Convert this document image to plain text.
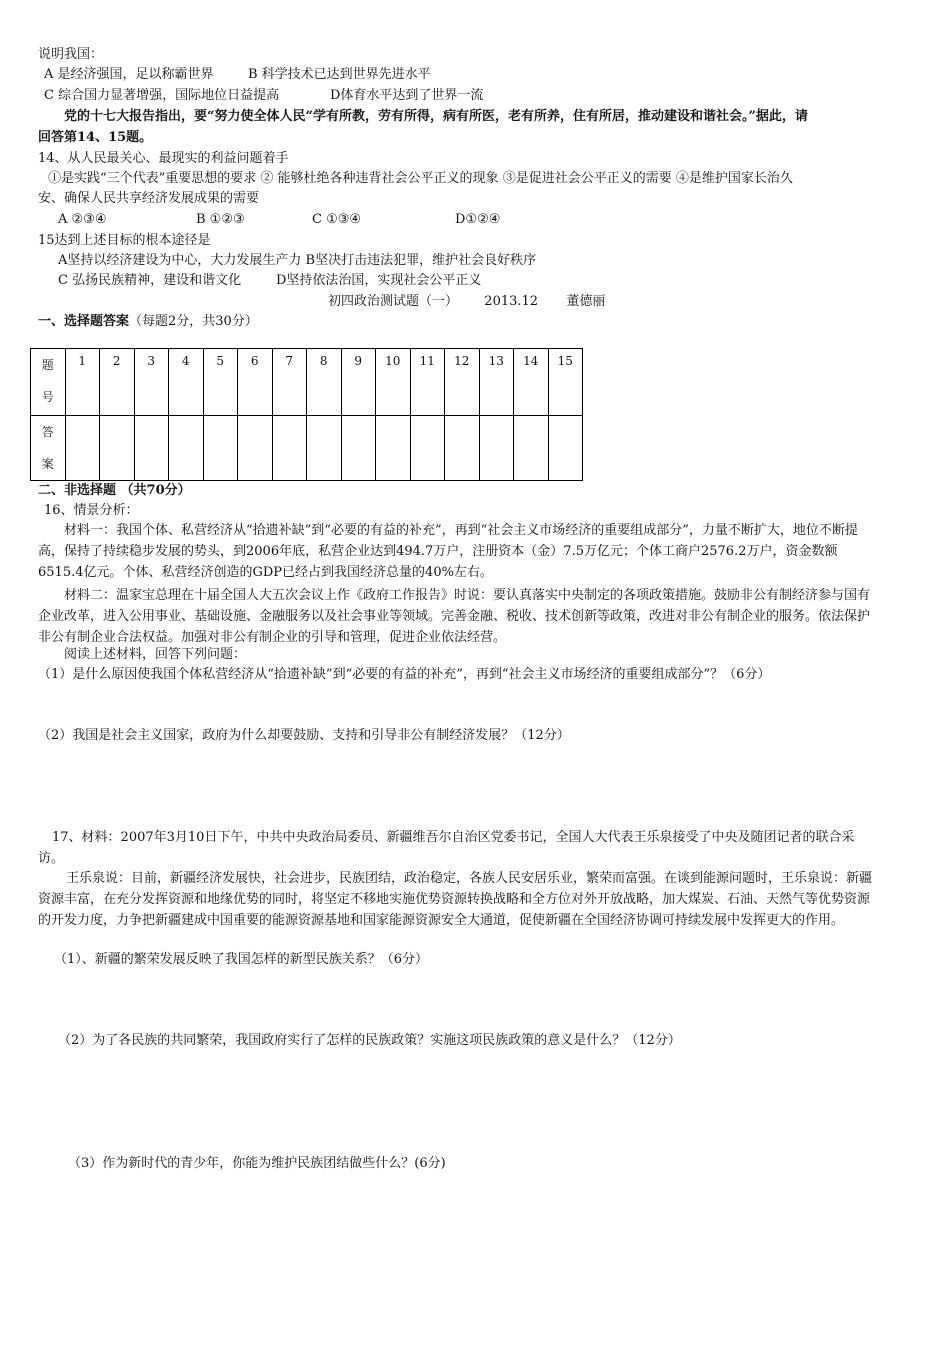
说明我国：
A 是经济强国，足以称霸世界	B 科学技术已达到世界先进水平
C 综合国力显著增强，国际地位日益提高	D体育水平达到了世界一流
党的十七大报告指出，要“努力使全体人民“学有所教，劳有所得，病有所医，老有所养，住有所居，推动建设和谐社会。”据此，请
回答第14、15题。
14、从人民最关心、最现实的利益问题着手
①是实践“三个代表”重要思想的要求 ② 能够杜绝各种违背社会公平正义的现象 ③是促进社会公平正义的需要 ④是维护国家长治久
安、确保人民共享经济发展成果的需要
A ②③④	B ①②③	C ①③④	D①②④
15达到上述目标的根本途径是
A坚持以经济建设为中心，大力发展生产力 B坚决打击违法犯罪，维护社会良好秩序
C 弘扬民族精神，建设和谐文化	D坚持依法治国，实现社会公平正义
初四政治测试题（一） 2013.12 董德丽
一、选择题答案（每题2分，共30分）
题
号	1	2	3	4	5	6	7	8	9	10	11	12	13	14	15

答
案															

二、非选择题 （共70分）
16、情景分析：

材料一：我国个体、私营经济从“拾遗补缺”到“必要的有益的补充”，再到“社会主义市场经济的重要组成部分”，力量不断扩大，地位不断提高，保持了持续稳步发展的势头，到2006年底，私营企业达到494.7万户，注册资本（金）7.5万亿元；个体工商户2576.2万户，资金数额6515.4亿元。个体、私营经济创造的GDP已经占到我国经济总量的40%左右。

材料二：温家宝总理在十届全国人大五次会议上作《政府工作报告》时说：要认真落实中央制定的各项政策措施。鼓励非公有制经济参与国有企业改革，进入公用事业、基础设施、金融服务以及社会事业等领域。完善金融、税收、技术创新等政策，改进对非公有制企业的服务。依法保护非公有制企业合法权益。加强对非公有制企业的引导和管理，促进企业依法经营。

阅读上述材料，回答下列问题：
（1）是什么原因使我国个体私营经济从“拾遗补缺”到“必要的有益的补充”，再到“社会主义市场经济的重要组成部分”？（6分）
（2）我国是社会主义国家，政府为什么却要鼓励、支持和引导非公有制经济发展？（12分）

17、材料：2007年3月10日下午，中共中央政治局委员、新疆维吾尔自治区党委书记，全国人大代表王乐泉接受了中央及随团记者的联合采访。

王乐泉说：目前，新疆经济发展快，社会进步，民族团结，政治稳定，各族人民安居乐业，繁荣而富强。在谈到能源问题时，王乐泉说：新疆资源丰富，在充分发挥资源和地缘优势的同时，将坚定不移地实施优势资源转换战略和全方位对外开放战略，加大煤炭、石油、天然气等优势资源的开发力度，力争把新疆建成中国重要的能源资源基地和国家能源资源安全大通道，促使新疆在全国经济协调可持续发展中发挥更大的作用。

（1）、新疆的繁荣发展反映了我国怎样的新型民族关系？（6分）
（2）为了各民族的共同繁荣，我国政府实行了怎样的民族政策？实施这项民族政策的意义是什么？（12分）
（3）作为新时代的青少年，你能为维护民族团结做些什么？(6分)
